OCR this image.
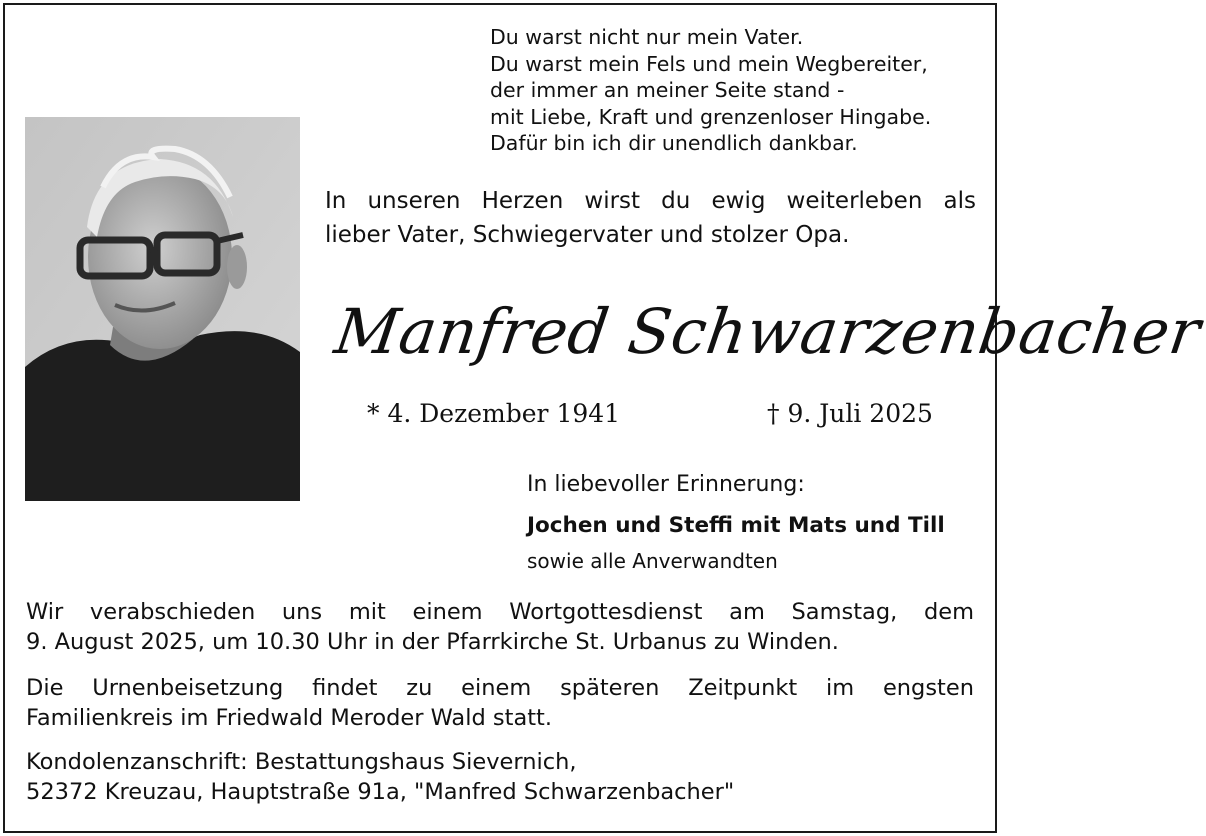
Du warst nicht nur mein Vater.
Du warst mein Fels und mein Wegbereiter,
der immer an meiner Seite stand -
mit Liebe, Kraft und grenzenloser Hingabe.
Dafür bin ich dir unendlich dankbar.
In unseren Herzen wirst du ewig weiterleben als
lieber Vater, Schwiegervater und stolzer Opa.
Manfred Schwarzenbacher
* 4. Dezember 1941	† 9. Juli 2025
In liebevoller Erinnerung:
Jochen und Steffi mit Mats und Till
sowie alle Anverwandten
Wir verabschieden uns mit einem Wortgottesdienst am Samstag, dem
9. August 2025, um 10.30 Uhr in der Pfarrkirche St. Urbanus zu Winden.
Die Urnenbeisetzung findet zu einem späteren Zeitpunkt im engsten
Familienkreis im Friedwald Meroder Wald statt.
Kondolenzanschrift: Bestattungshaus Sievernich,
52372 Kreuzau, Hauptstraße 91a, "Manfred Schwarzenbacher"
